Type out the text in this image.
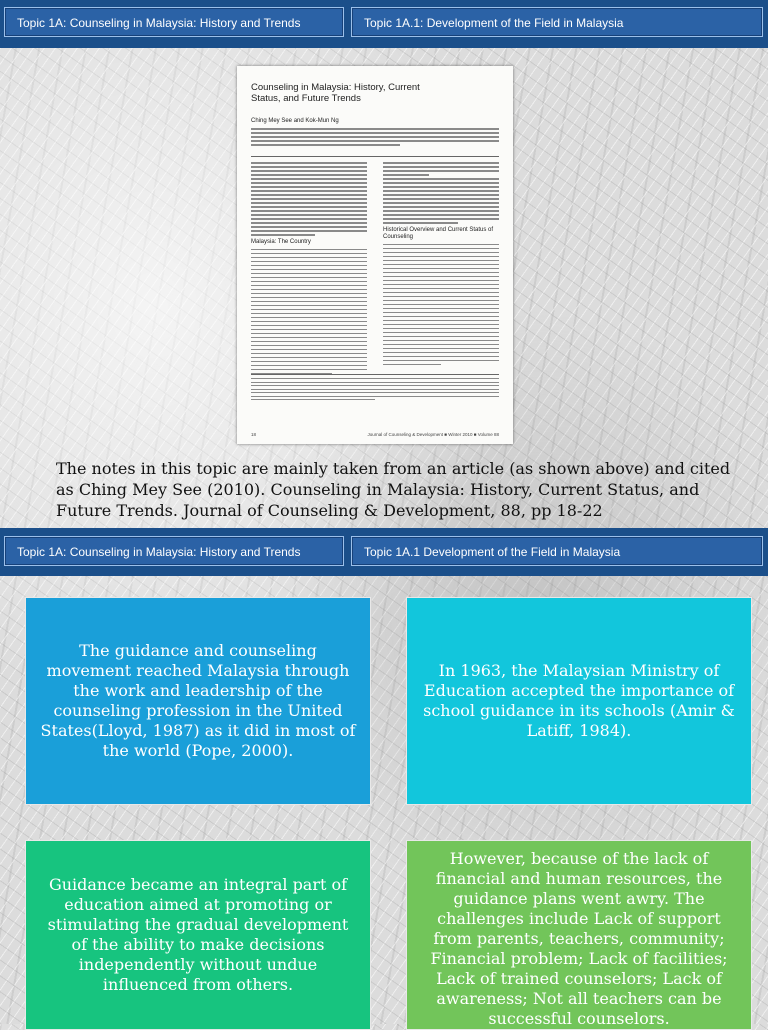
Topic 1A: Counseling in Malaysia: History and Trends	Topic 1A.1: Development of the Field in Malaysia
Counseling in Malaysia: History, Current Status, and Future Trends
Ching Mey See and Kok-Mun Ng
Malaysia: The Country
Historical Overview and Current Status of Counseling
18	Journal of Counseling & Development ■ Winter 2010 ■ Volume 88

The notes in this topic are mainly taken from an article (as shown above) and cited as Ching Mey See (2010). Counseling in Malaysia: History, Current Status, and Future Trends. Journal of Counseling & Development, 88, pp 18-22

Topic 1A: Counseling in Malaysia: History and Trends	Topic 1A.1 Development of the Field in Malaysia

The guidance and counseling movement reached Malaysia through the work and leadership of the counseling profession in the United States(Lloyd, 1987) as it did in most of the world (Pope, 2000).

In 1963, the Malaysian Ministry of Education accepted the importance of school guidance in its schools (Amir & Latiff, 1984).

Guidance became an integral part of education aimed at promoting or stimulating the gradual development of the ability to make decisions independently without undue influenced from others.

However, because of the lack of financial and human resources, the guidance plans went awry. The challenges include Lack of support from parents, teachers, community; Financial problem; Lack of facilities; Lack of trained counselors; Lack of awareness; Not all teachers can be successful counselors.
